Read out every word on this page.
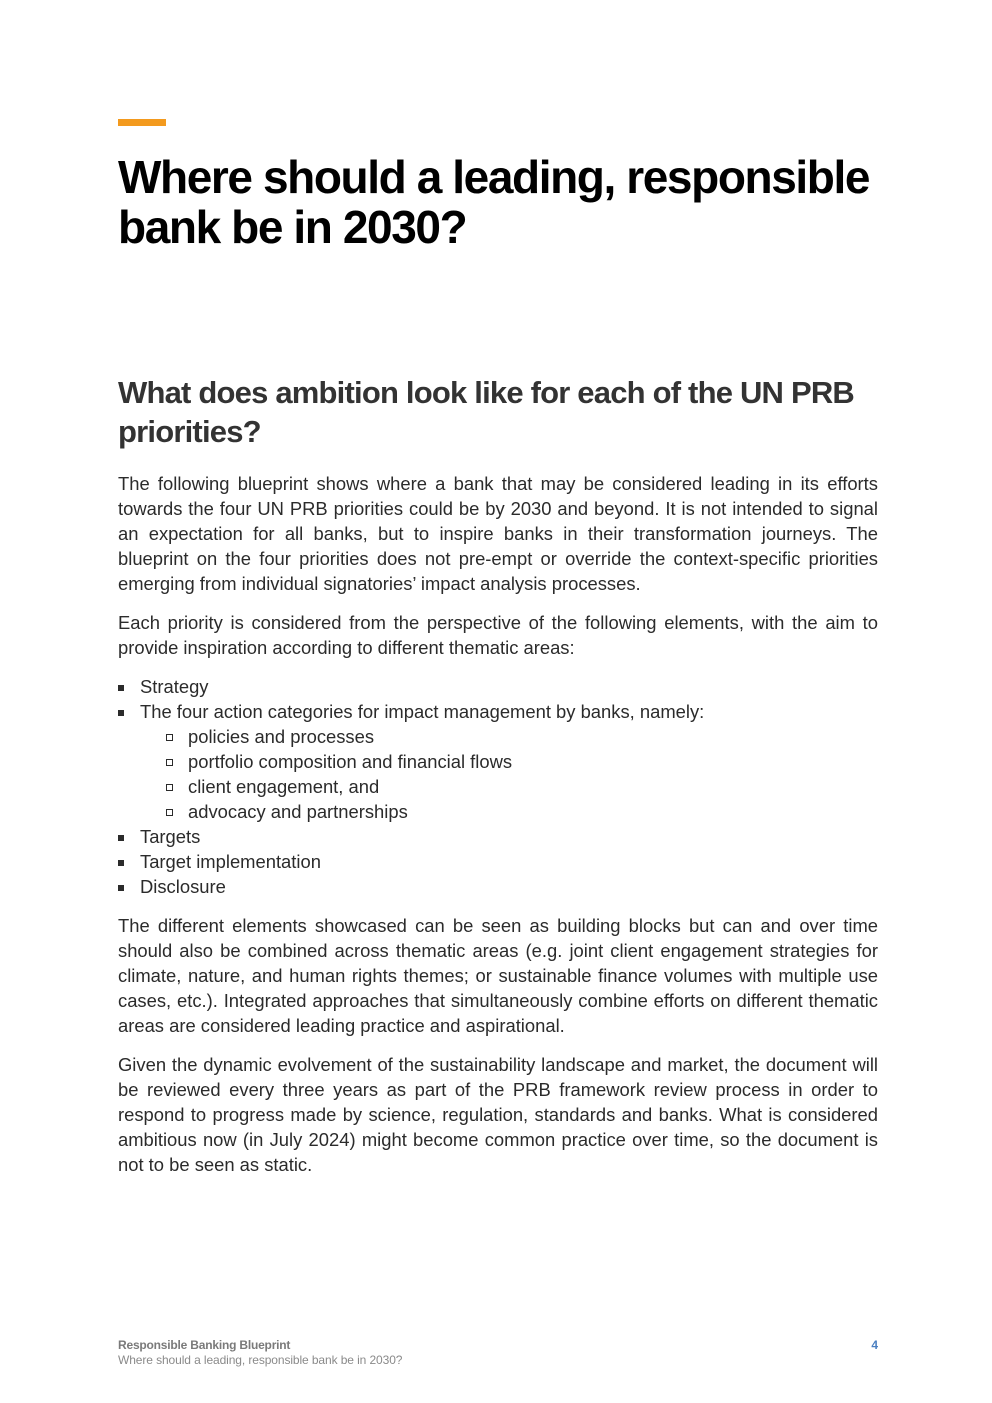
Where should a leading, responsible bank be in 2030?
What does ambition look like for each of the UN PRB priorities?

The following blueprint shows where a bank that may be considered leading in its efforts towards the four UN PRB priorities could be by 2030 and beyond. It is not intended to signal an expectation for all banks, but to inspire banks in their transformation journeys. The blueprint on the four priorities does not pre-empt or override the context-specific priorities emerging from individual signatories’ impact analysis processes.

Each priority is considered from the perspective of the following elements, with the aim to provide inspiration according to different thematic areas:

Strategy
The four action categories for impact management by banks, namely:
policies and processes
portfolio composition and financial flows
client engagement, and
advocacy and partnerships
Targets
Target implementation
Disclosure

The different elements showcased can be seen as building blocks but can and over time should also be combined across thematic areas (e.g. joint client engagement strategies for climate, nature, and human rights themes; or sustainable finance volumes with multiple use cases, etc.). Integrated approaches that simultaneously combine efforts on different thematic areas are considered leading practice and aspirational.

Given the dynamic evolvement of the sustainability landscape and market, the document will be reviewed every three years as part of the PRB framework review process in order to respond to progress made by science, regulation, standards and banks. What is considered ambitious now (in July 2024) might become common practice over time, so the document is not to be seen as static.

Responsible Banking Blueprint
Where should a leading, responsible bank be in 2030?
4
